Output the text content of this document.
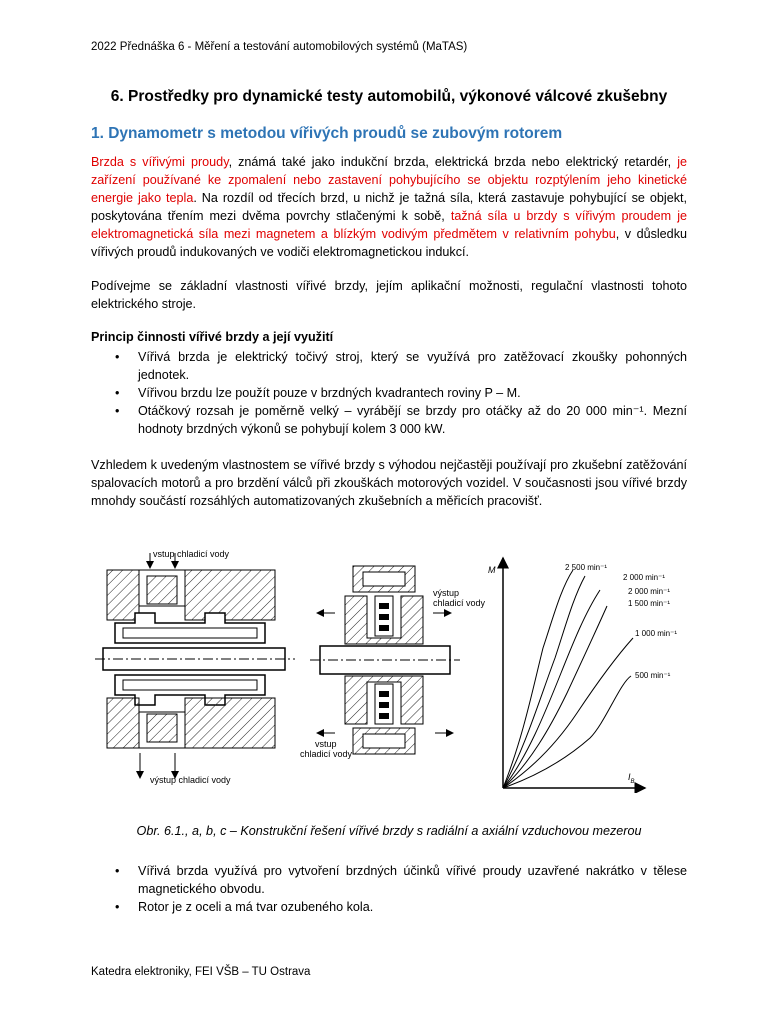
2022 Přednáška 6 - Měření a testování automobilových systémů (MaTAS)
6. Prostředky pro dynamické testy automobilů, výkonové válcové zkušebny
1. Dynamometr s metodou vířivých proudů se zubovým rotorem
Brzda s vířivými proudy, známá také jako indukční brzda, elektrická brzda nebo elektrický retardér, je zařízení používané ke zpomalení nebo zastavení pohybujícího se objektu rozptýlením jeho kinetické energie jako tepla. Na rozdíl od třecích brzd, u nichž je tažná síla, která zastavuje pohybující se objekt, poskytována třením mezi dvěma povrchy stlačenými k sobě, tažná síla u brzdy s vířivým proudem je elektromagnetická síla mezi magnetem a blízkým vodivým předmětem v relativním pohybu, v důsledku vířivých proudů indukovaných ve vodiči elektromagnetickou indukcí.
Podívejme se základní vlastnosti vířivé brzdy, jejím aplikační možnosti, regulační vlastnosti tohoto elektrického stroje.
Princip činnosti vířivé brzdy a její využití
• Vířivá brzda je elektrický točivý stroj, který se využívá pro zatěžovací zkoušky pohonných jednotek.
• Vířivou brzdu lze použít pouze v brzdných kvadrantech roviny P – M.
• Otáčkový rozsah je poměrně velký – vyrábějí se brzdy pro otáčky až do 20 000 min⁻¹. Mezní hodnoty brzdných výkonů se pohybují kolem 3 000 kW.
Vzhledem k uvedeným vlastnostem se vířivé brzdy s výhodou nejčastěji používají pro zkušební zatěžování spalovacích motorů a pro brzdění válců při zkouškách motorových vozidel. V současnosti jsou vířivé brzdy mnohdy součástí rozsáhlých automatizovaných zkušebních a měřicích pracovišť.
vstup chladicí vody
výstup chladicí vody
výstup
chladicí vody
vstup
chladicí vody
M
$I_B$
2 500 min⁻¹
2 000 min⁻¹
2 000 min⁻¹
1 500 min⁻¹
1 000 min⁻¹
500 min⁻¹
Obr. 6.1., a, b, c – Konstrukční řešení vířivé brzdy s radiální a axiální vzduchovou mezerou
• Vířivá brzda využívá pro vytvoření brzdných účinků vířivé proudy uzavřené nakrátko v tělese magnetického obvodu.
• Rotor je z oceli a má tvar ozubeného kola.
Katedra elektroniky, FEI VŠB – TU Ostrava
